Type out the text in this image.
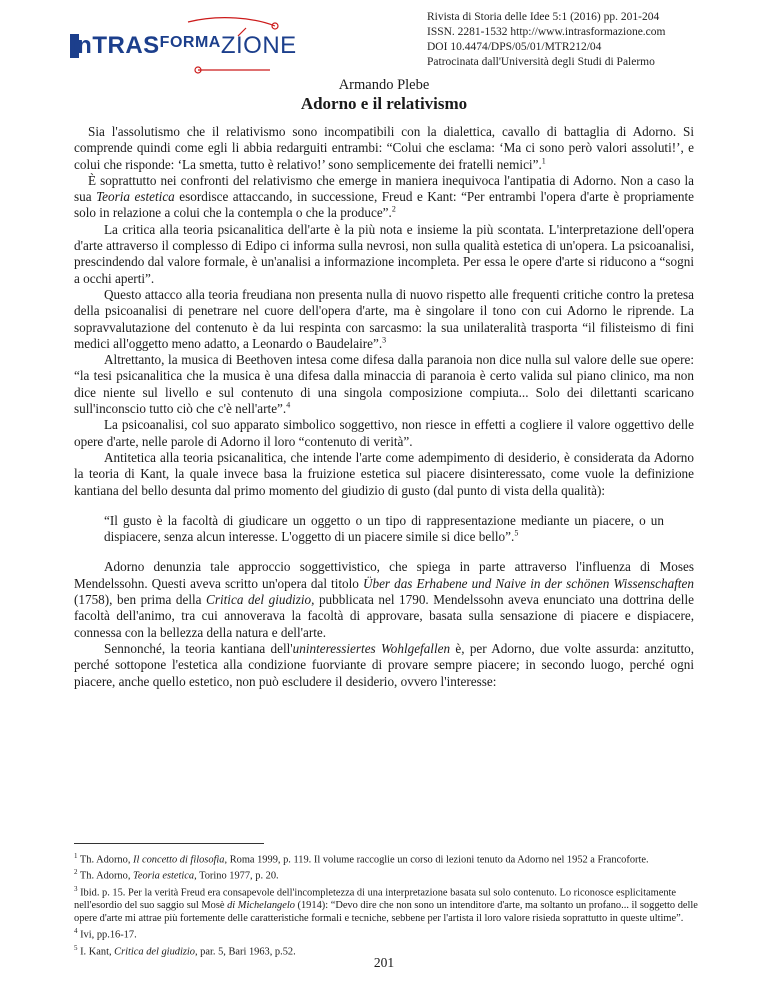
inTRAS$^{FORMA}$ZIONE
Rivista di Storia delle Idee 5:1 (2016) pp. 201-204
ISSN. 2281-1532 http://www.intrasformazione.com
DOI 10.4474/DPS/05/01/MTR212/04
Patrocinata dall'Università degli Studi di Palermo
Armando Plebe
Adorno e il relativismo

Sia l'assolutismo che il relativismo sono incompatibili con la dialettica, cavallo di battaglia di Adorno. Si comprende quindi come egli li abbia redarguiti entrambi: “Colui che esclama: ‘Ma ci sono però valori assoluti!’, e colui che risponde: ‘La smetta, tutto è relativo!’ sono semplicemente dei fratelli nemici”.$^1$

È soprattutto nei confronti del relativismo che emerge in maniera inequivoca l'antipatia di Adorno. Non a caso la sua Teoria estetica esordisce attaccando, in successione, Freud e Kant: “Per entrambi l'opera d'arte è propriamente solo in relazione a colui che la contempla o che la produce”.$^2$

La critica alla teoria psicanalitica dell'arte è la più nota e insieme la più scontata. L'interpretazione dell'opera d'arte attraverso il complesso di Edipo ci informa sulla nevrosi, non sulla qualità estetica di un'opera. La psicoanalisi, prescindendo dal valore formale, è un'analisi a informazione incompleta. Per essa le opere d'arte si riducono a “sogni a occhi aperti”.

Questo attacco alla teoria freudiana non presenta nulla di nuovo rispetto alle frequenti critiche contro la pretesa della psicoanalisi di penetrare nel cuore dell'opera d'arte, ma è singolare il tono con cui Adorno le riprende. La sopravvalutazione del contenuto è da lui respinta con sarcasmo: la sua unilateralità trasporta “il filisteismo di fini medici all'oggetto meno adatto, a Leonardo o Baudelaire”.$^3$

Altrettanto, la musica di Beethoven intesa come difesa dalla paranoia non dice nulla sul valore delle sue opere: “la tesi psicanalitica che la musica è una difesa dalla minaccia di paranoia è certo valida sul piano clinico, ma non dice niente sul livello e sul contenuto di una singola composizione compiuta... Solo dei dilettanti scaricano sull'inconscio tutto ciò che c'è nell'arte”.$^4$

La psicoanalisi, col suo apparato simbolico soggettivo, non riesce in effetti a cogliere il valore oggettivo delle opere d'arte, nelle parole di Adorno il loro “contenuto di verità”.

Antitetica alla teoria psicanalitica, che intende l'arte come adempimento di desiderio, è considerata da Adorno la teoria di Kant, la quale invece basa la fruizione estetica sul piacere disinteressato, come vuole la definizione kantiana del bello desunta dal primo momento del giudizio di gusto (dal punto di vista della qualità):

“Il gusto è la facoltà di giudicare un oggetto o un tipo di rappresentazione mediante un piacere, o un dispiacere, senza alcun interesse. L'oggetto di un piacere simile si dice bello”.$^5$

Adorno denunzia tale approccio soggettivistico, che spiega in parte attraverso l'influenza di Moses Mendelssohn. Questi aveva scritto un'opera dal titolo Über das Erhabene und Naive in der schönen Wissenschaften (1758), ben prima della Critica del giudizio, pubblicata nel 1790. Mendelssohn aveva enunciato una dottrina delle facoltà dell'animo, tra cui annoverava la facoltà di approvare, basata sulla sensazione di piacere e dispiacere, connessa con la bellezza della natura e dell'arte.

Sennonché, la teoria kantiana dell'uninteressiertes Wohlgefallen è, per Adorno, due volte assurda: anzitutto, perché sottopone l'estetica alla condizione fuorviante di provare sempre piacere; in secondo luogo, perché ogni piacere, anche quello estetico, non può escludere il desiderio, ovvero l'interesse:

$^1$ Th. Adorno, Il concetto di filosofia, Roma 1999, p. 119. Il volume raccoglie un corso di lezioni tenuto da Adorno nel 1952 a Francoforte.

$^2$ Th. Adorno, Teoria estetica, Torino 1977, p. 20.

$^3$ Ibid. p. 15. Per la verità Freud era consapevole dell'incompletezza di una interpretazione basata sul solo contenuto. Lo riconosce esplicitamente nell'esordio del suo saggio sul Mosè di Michelangelo (1914): “Devo dire che non sono un intenditore d'arte, ma soltanto un profano... il soggetto delle opere d'arte mi attrae più fortemente delle caratteristiche formali e tecniche, sebbene per l'artista il loro valore risieda soprattutto in queste ultime”.

$^4$ Ivi, pp.16-17.

$^5$ I. Kant, Critica del giudizio, par. 5, Bari 1963, p.52.

201
